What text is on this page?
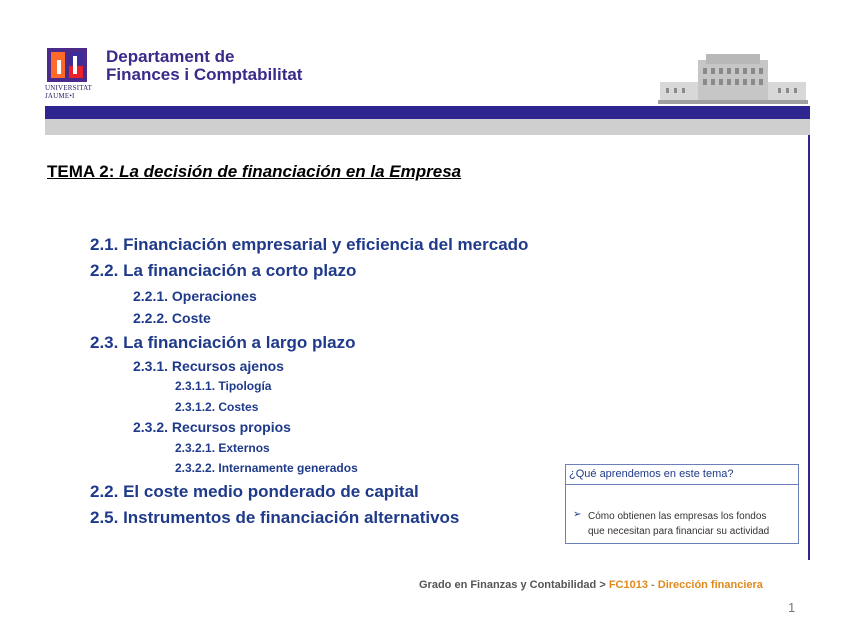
UNIVERSITAT
JAUME•I
Departament de
Finances i Comptabilitat
TEMA 2: La decisión de financiación en la Empresa
2.1. Financiación empresarial y eficiencia del mercado
2.2. La financiación a corto plazo
2.2.1. Operaciones
2.2.2. Coste
2.3. La financiación a largo plazo
2.3.1. Recursos ajenos
2.3.1.1. Tipología
2.3.1.2. Costes
2.3.2. Recursos propios
2.3.2.1. Externos
2.3.2.2. Internamente generados
2.2. El coste medio ponderado de capital
2.5. Instrumentos de financiación alternativos
¿Qué aprendemos en este tema?
➢ Cómo obtienen las empresas los fondos
que necesitan para financiar su actividad
Grado en Finanzas y Contabilidad > FC1013 - Dirección financiera
1
